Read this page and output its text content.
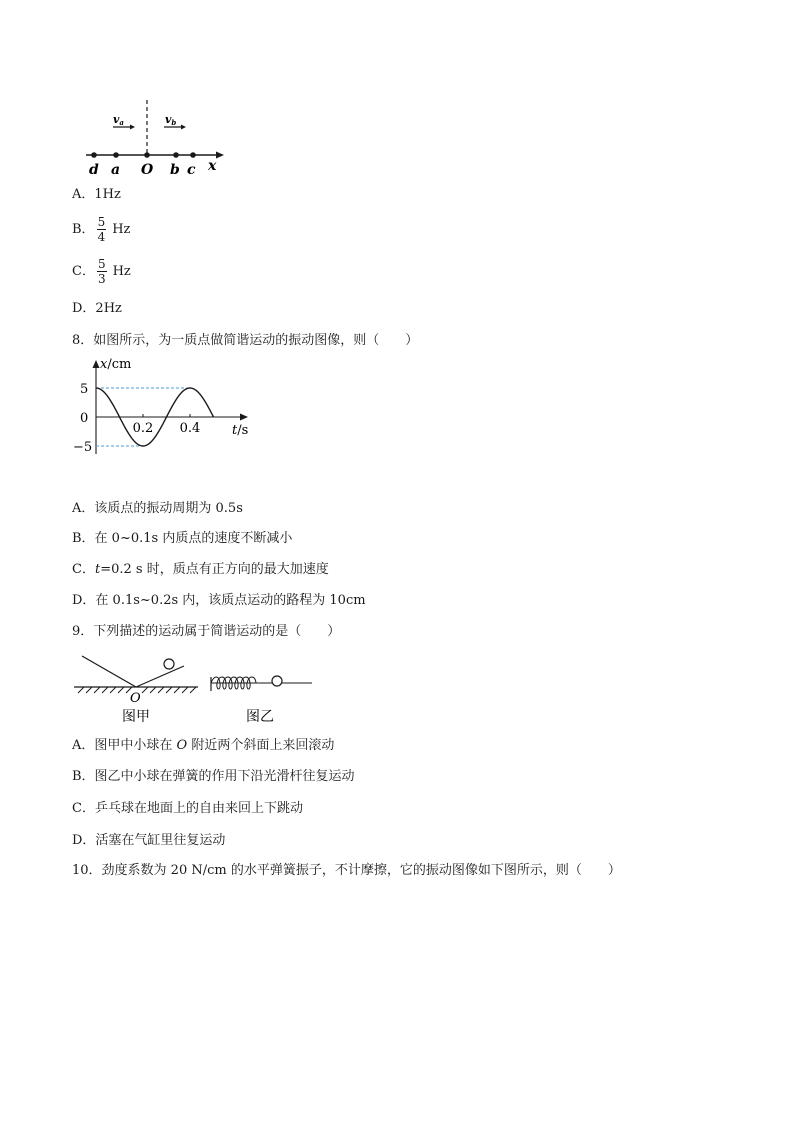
va	vb
d a O b c x
A．1Hz
B． $\frac{5}{4}$ Hz
C． $\frac{5}{3}$ Hz
D．2Hz
8．如图所示，为一质点做简谐运动的振动图像，则（　　）
x/cm
5
0
−5
0.2 0.4 t/s
A．该质点的振动周期为 0.5s
B．在 0~0.1s 内质点的速度不断减小
C．t=0.2 s 时，质点有正方向的最大加速度
D．在 0.1s~0.2s 内，该质点运动的路程为 10cm
9．下列描述的运动属于简谐运动的是（　　）
O
图甲	图乙
A．图甲中小球在 O 附近两个斜面上来回滚动
B．图乙中小球在弹簧的作用下沿光滑杆往复运动
C．乒乓球在地面上的自由来回上下跳动
D．活塞在气缸里往复运动
10．劲度系数为 20 N/cm 的水平弹簧振子，不计摩擦，它的振动图像如下图所示，则（　　）
